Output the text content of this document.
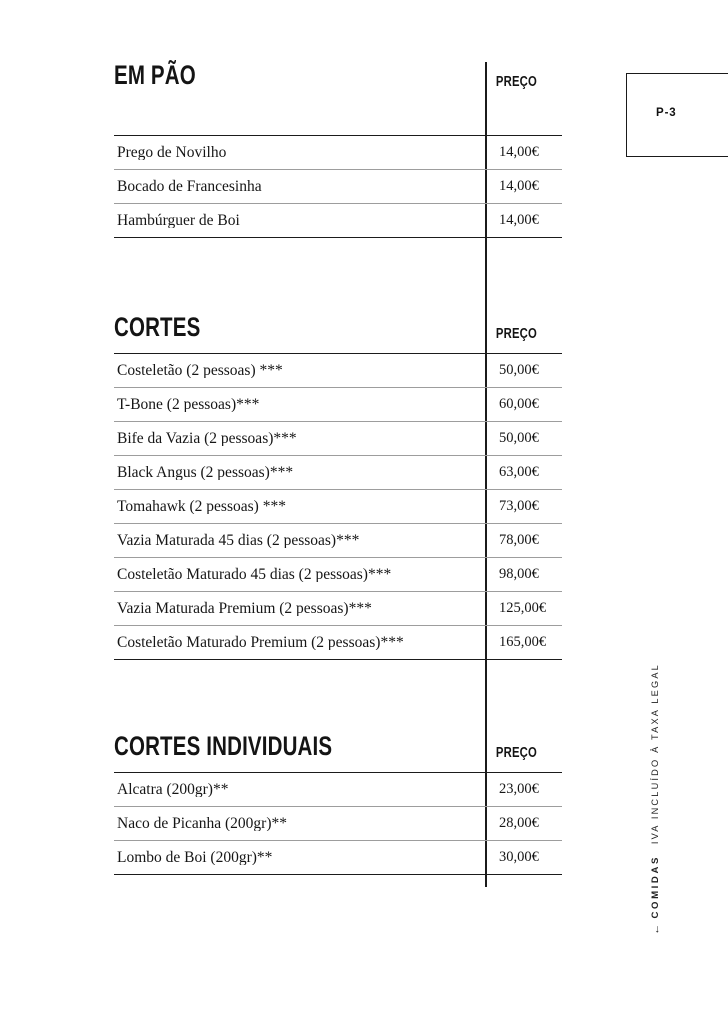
P-3
EM PÃO	PREÇO
Prego de Novilho	14,00€
Bocado de Francesinha	14,00€
Hambúrguer de Boi	14,00€
CORTES	PREÇO
Costeletão (2 pessoas) ***	50,00€
T-Bone (2 pessoas)***	60,00€
Bife da Vazia (2 pessoas)***	50,00€
Black Angus (2 pessoas)***	63,00€
Tomahawk (2 pessoas) ***	73,00€
Vazia Maturada 45 dias (2 pessoas)***	78,00€
Costeletão Maturado 45 dias (2 pessoas)***	98,00€
Vazia Maturada Premium (2 pessoas)***	125,00€
Costeletão Maturado Premium (2 pessoas)***	165,00€
CORTES INDIVIDUAIS	PREÇO
Alcatra (200gr)**	23,00€
Naco de Picanha (200gr)**	28,00€
Lombo de Boi (200gr)**	30,00€
IVA INCLUÍDO À TAXA LEGAL
← COMIDAS
